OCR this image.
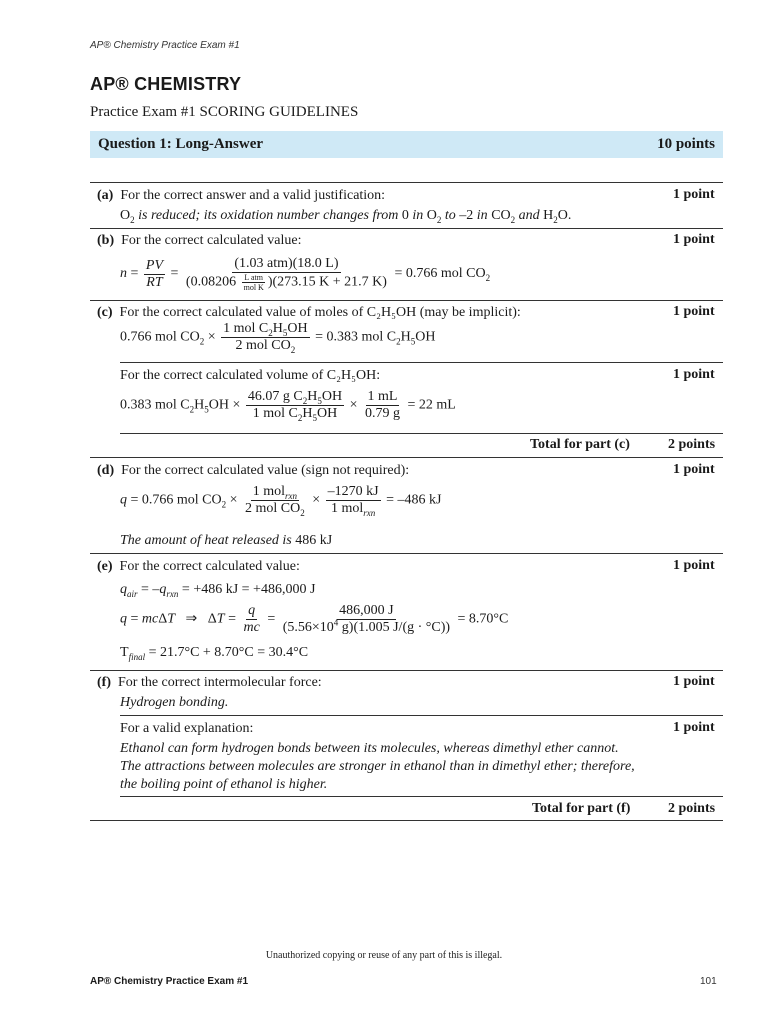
AP® Chemistry Practice Exam #1
AP® CHEMISTRY
Practice Exam #1 SCORING GUIDELINES
Question 1: Long-Answer	10 points
(a) For the correct answer and a valid justification:	1 point
$O_2$ is reduced; its oxidation number changes from 0 in $O_2$ to –2 in $CO_2$ and $H_2O$.
(b) For the correct calculated value:	1 point
$n = \frac{PV}{RT} = \frac{\text{(1.03 atm)(18.0 L)}}{(0.08206 \frac{\text{L atm}}{\text{mol K}} )(273.15 K + 21.7 K)} = 0.766$ mol $CO_2$
(c) For the correct calculated value of moles of C₂H₅OH (may be implicit):	1 point
0.766 mol $CO_2 \times \frac{1 mol C_2H_5OH}{2 mol CO_2} = 0.383$ mol $C_2H_5OH$
For the correct calculated volume of C₂H₅OH:	1 point
0.383 mol $C_2H_5OH \times \frac{46.07 g C_2H_5OH}{1 mol C_2H_5OH} \times \frac{1 mL}{0.79 g} = 22$ mL
Total for part (c)	2 points
(d) For the correct calculated value (sign not required):	1 point
q = 0.766 mol $CO_2 \times \frac{1 mol_{rxn}}{2 mol CO_2} \times \frac{-1270 kJ}{1 mol_{rxn}} = -486$ kJ
The amount of heat released is 486 kJ
(e) For the correct calculated value:	1 point
$q_{air} = -q_{rxn} = +486$ kJ = +486,000 J
q = mcΔT   ⇒   $\Delta T = \frac{q}{mc} = \frac{486,000 J}{(5.56\times 10^4 g)(1.005 J/(g \cdot ^\circ C))} = 8.70^\circ C$
$T_{final} = 21.7^\circ C + 8.70^\circ C = 30.4^\circ C$
(f) For the correct intermolecular force:	1 point
Hydrogen bonding.
For a valid explanation:	1 point
Ethanol can form hydrogen bonds between its molecules, whereas dimethyl ether cannot.
The attractions between molecules are stronger in ethanol than in dimethyl ether; therefore,
the boiling point of ethanol is higher.
Total for part (f)	2 points
Unauthorized copying or reuse of any part of this is illegal.
AP® Chemistry Practice Exam #1	101
